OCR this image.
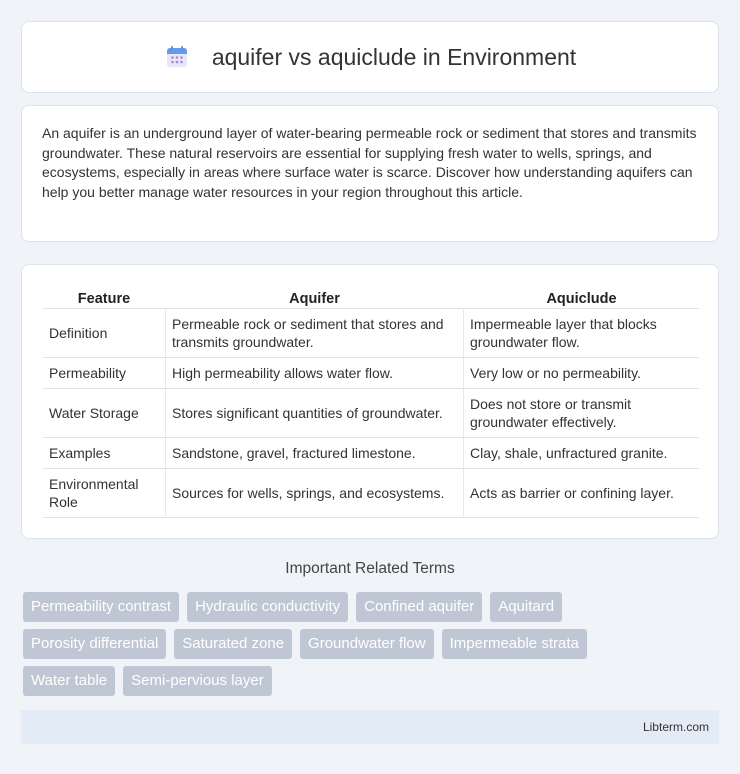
aquifer vs aquiclude in Environment

An aquifer is an underground layer of water-bearing permeable rock or sediment that stores and transmits groundwater. These natural reservoirs are essential for supplying fresh water to wells, springs, and ecosystems, especially in areas where surface water is scarce. Discover how understanding aquifers can help you better manage water resources in your region throughout this article.

Feature	Aquifer	Aquiclude
Definition	Permeable rock or sediment that stores and transmits groundwater.	Impermeable layer that blocks groundwater flow.
Permeability	High permeability allows water flow.	Very low or no permeability.
Water Storage	Stores significant quantities of groundwater.	Does not store or transmit groundwater effectively.
Examples	Sandstone, gravel, fractured limestone.	Clay, shale, unfractured granite.
Environmental Role	Sources for wells, springs, and ecosystems.	Acts as barrier or confining layer.
Important Related Terms
Permeability contrast	Hydraulic conductivity	Confined aquifer	Aquitard
Porosity differential	Saturated zone	Groundwater flow	Impermeable strata
Water table	Semi-pervious layer
Libterm.com
